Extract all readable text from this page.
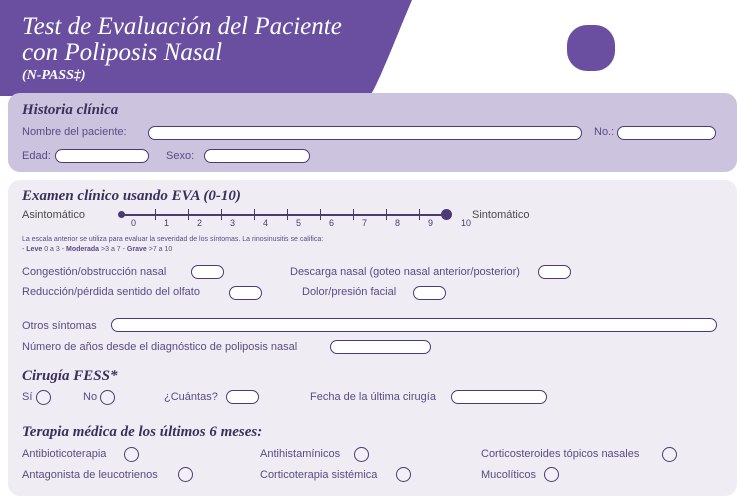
Test de Evaluación del Paciente con Poliposis Nasal
(N-PASS‡)
Historia clínica
Nombre del paciente:	No.:
Edad:	Sexo:
Examen clínico usando EVA (0-10)
Asintomático	Sintomático
0	1	2	3	4	5	6	7	8	9	10
La escala anterior se utiliza para evaluar la severidad de los síntomas. La rinosinusitis se califica:
- Leve 0 a 3 - Moderada >3 a 7 - Grave >7 a 10
Congestión/obstrucción nasal	Descarga nasal (goteo nasal anterior/posterior)
Reducción/pérdida sentido del olfato	Dolor/presión facial
Otros síntomas
Número de años desde el diagnóstico de poliposis nasal
Cirugía FESS*
Sí	No	¿Cuántas?	Fecha de la última cirugía
Terapia médica de los últimos 6 meses:
Antibioticoterapia	Antihistamínicos	Corticosteroides tópicos nasales
Antagonista de leucotrienos	Corticoterapia sistémica	Mucolíticos
